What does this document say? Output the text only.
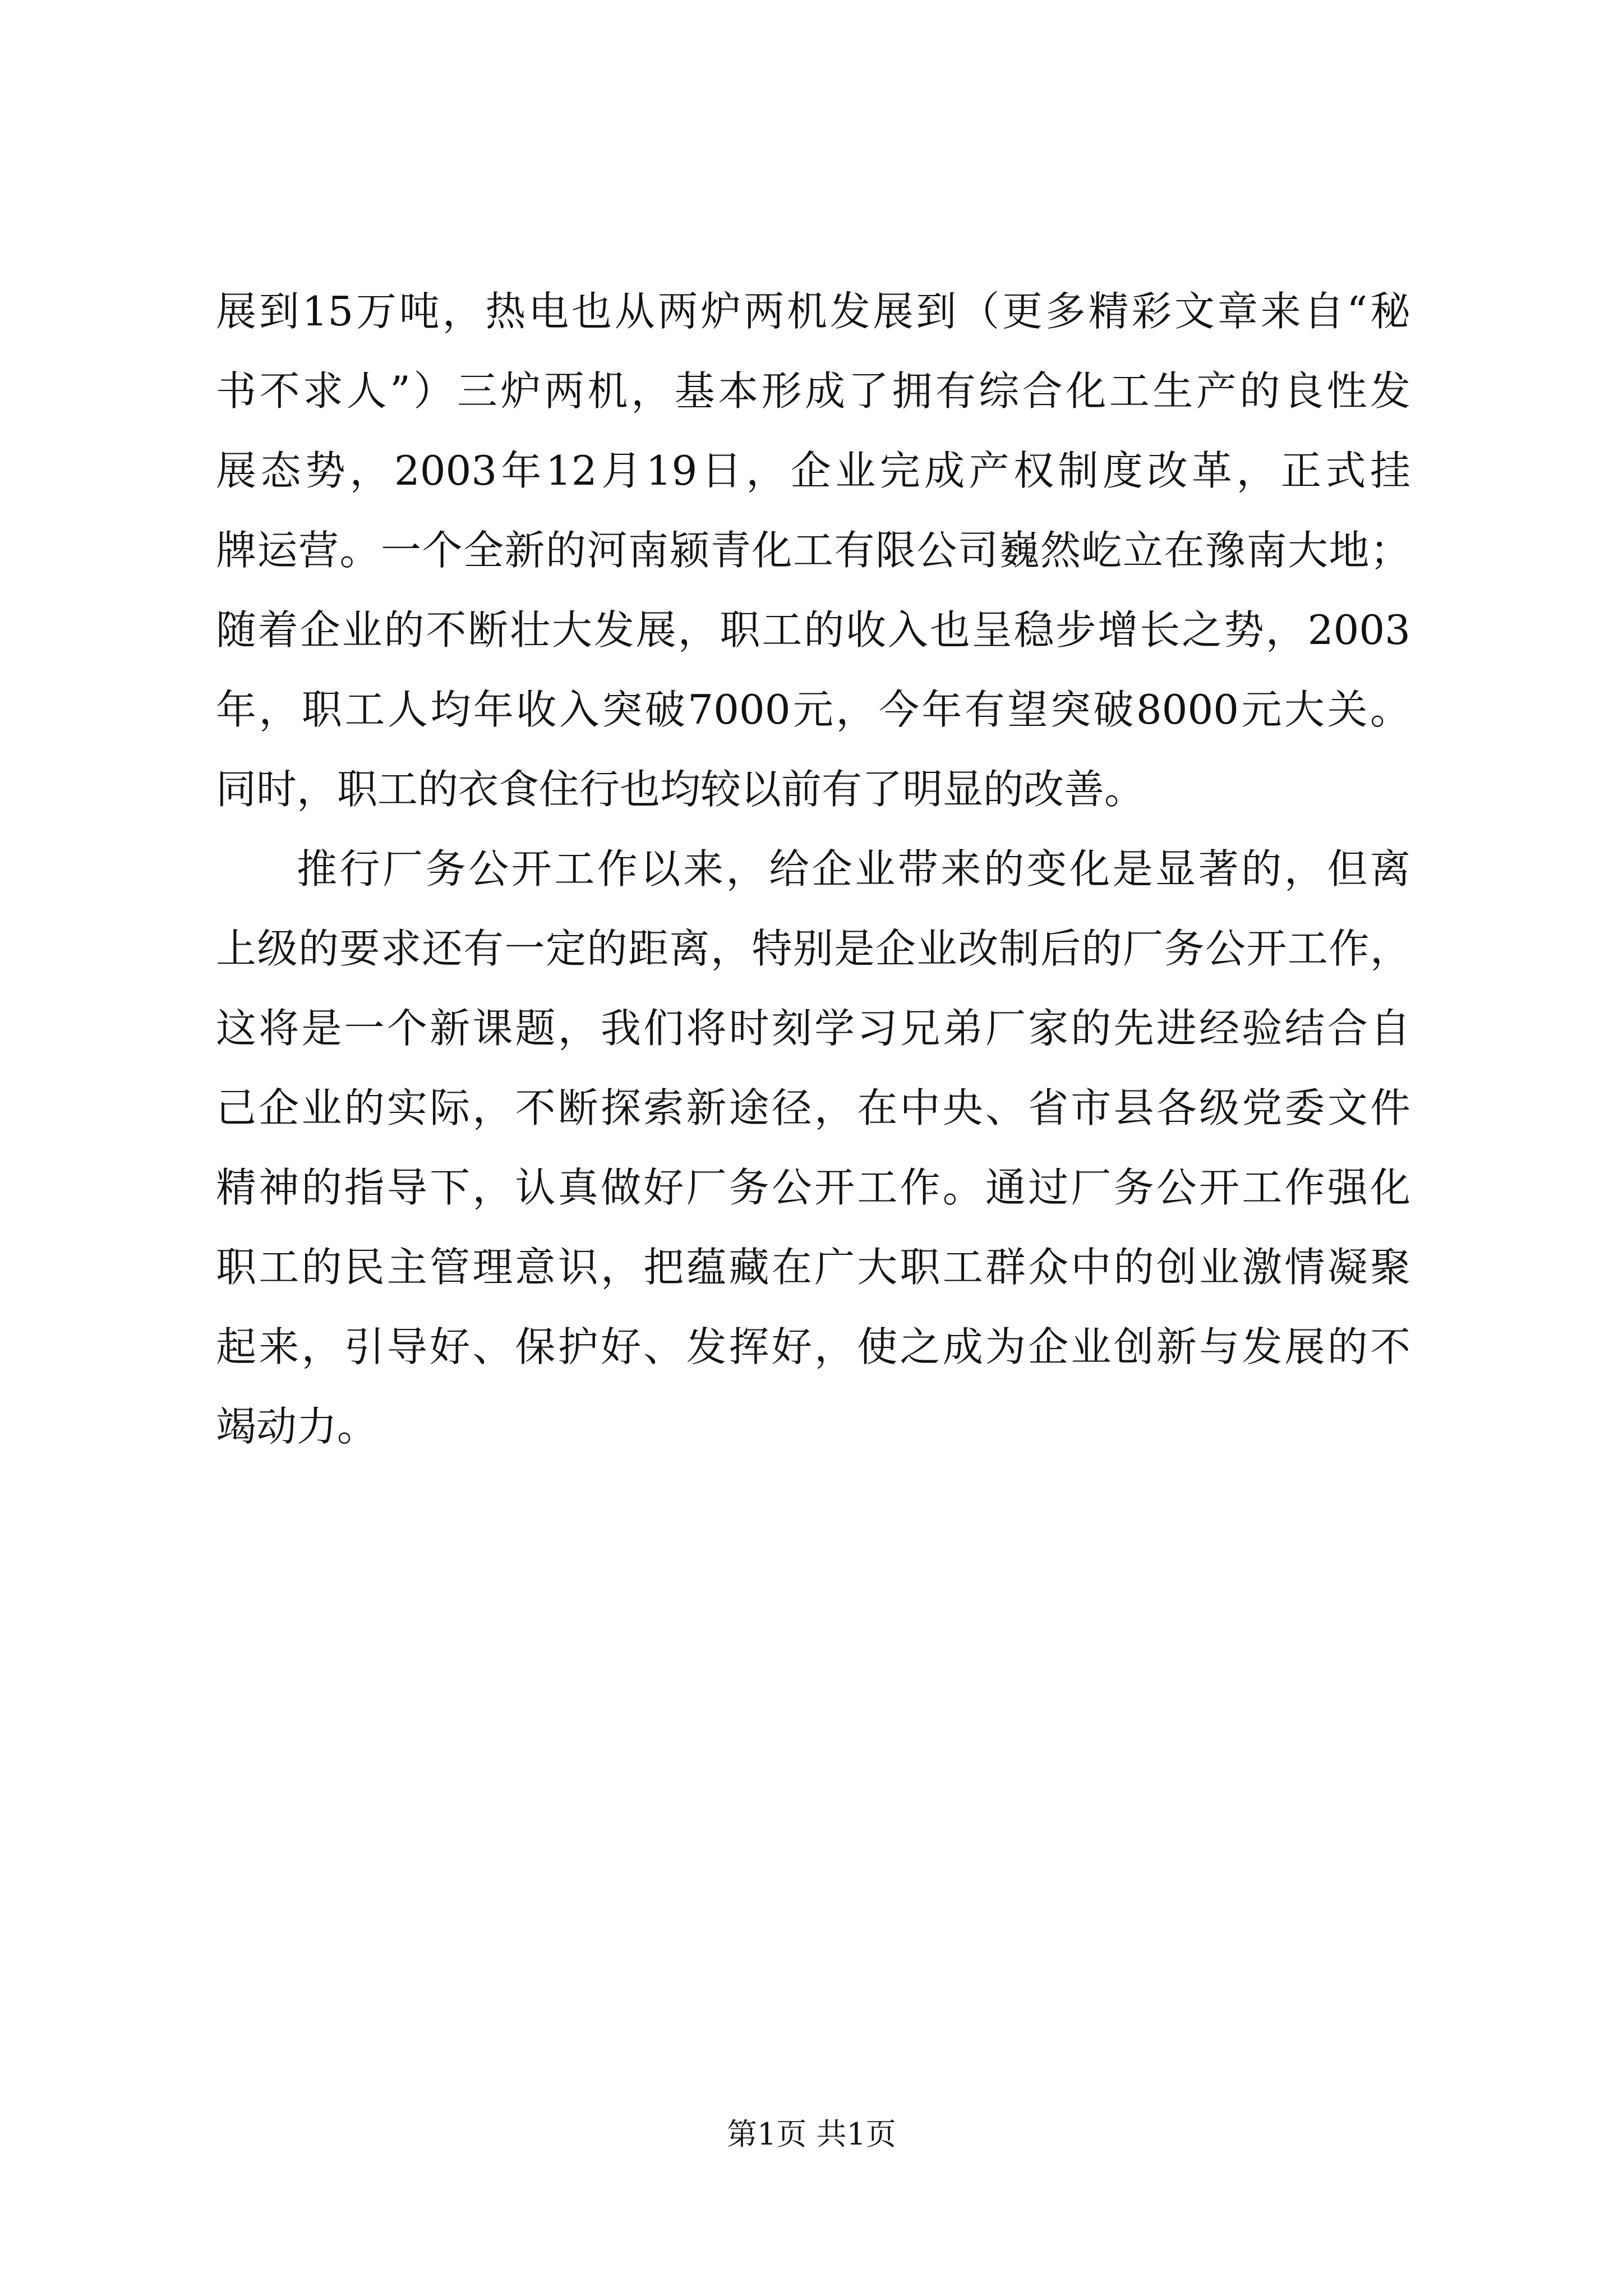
展到15万吨，热电也从两炉两机发展到（更多精彩文章来自“秘
书不求人”）三炉两机，基本形成了拥有综合化工生产的良性发
展态势，2003年12月19日，企业完成产权制度改革，正式挂
牌运营。一个全新的河南颍青化工有限公司巍然屹立在豫南大地；
随着企业的不断壮大发展，职工的收入也呈稳步增长之势，2003
年，职工人均年收入突破7000元，今年有望突破8000元大关。
同时，职工的衣食住行也均较以前有了明显的改善。
推行厂务公开工作以来，给企业带来的变化是显著的，但离
上级的要求还有一定的距离，特别是企业改制后的厂务公开工作，
这将是一个新课题，我们将时刻学习兄弟厂家的先进经验结合自
己企业的实际，不断探索新途径，在中央、省市县各级党委文件
精神的指导下，认真做好厂务公开工作。通过厂务公开工作强化
职工的民主管理意识，把蕴藏在广大职工群众中的创业激情凝聚
起来，引导好、保护好、发挥好，使之成为企业创新与发展的不
竭动力。
第1页 共1页
